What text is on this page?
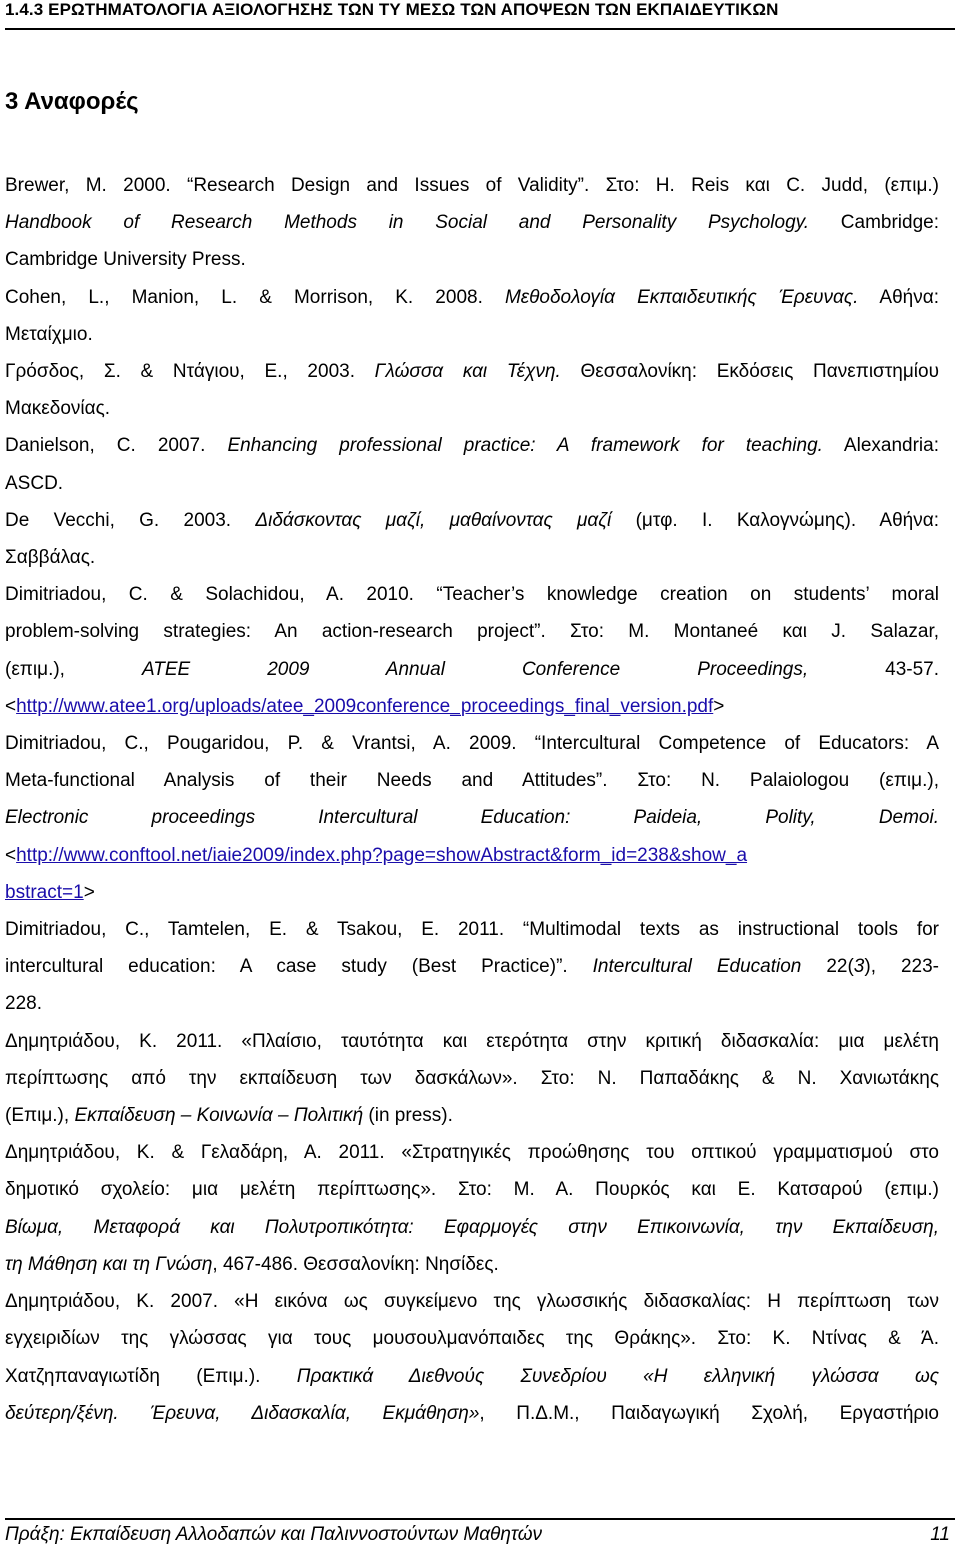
1.4.3 ΕΡΩΤΗΜΑΤΟΛΟΓΙΑ ΑΞΙΟΛΟΓΗΣΗΣ ΤΩΝ ΤΥ ΜΕΣΩ ΤΩΝ ΑΠΟΨΕΩΝ ΤΩΝ ΕΚΠΑΙΔΕΥΤΙΚΩΝ
3 Αναφορές
Brewer, M. 2000. “Research Design and Issues of Validity”. Στο: H. Reis και C. Judd, (επιμ.)
Handbook of Research Methods in Social and Personality Psychology. Cambridge:
Cambridge University Press.
Cohen, L., Manion, L. & Morrison, K. 2008. Μεθοδολογία Εκπαιδευτικής Έρευνας. Αθήνα:
Μεταίχμιο.
Γρόσδος, Σ. & Ντάγιου, Ε., 2003. Γλώσσα και Τέχνη. Θεσσαλονίκη: Εκδόσεις Πανεπιστημίου
Μακεδονίας.
Danielson, C. 2007. Enhancing professional practice: A framework for teaching. Alexandria:
ASCD.
De Vecchi, G. 2003. Διδάσκοντας μαζί, μαθαίνοντας μαζί (μτφ. Ι. Καλογνώμης). Αθήνα:
Σαββάλας.
Dimitriadou, C. & Solachidou, A. 2010. “Teacher’s knowledge creation on students’ moral
problem-solving strategies: An action-research project”. Στο: M. Montaneé και J. Salazar,
(επιμ.), ATEE 2009 Annual Conference Proceedings, 43-57.
<http://www.atee1.org/uploads/atee_2009conference_proceedings_final_version.pdf>
Dimitriadou, C., Pougaridou, P. & Vrantsi, A. 2009. “Intercultural Competence of Educators: A
Meta-functional Analysis of their Needs and Attitudes”. Στο: N. Palaiologou (επιμ.),
Electronic proceedings Intercultural Education: Paideia, Polity, Demoi.
<http://www.conftool.net/iaie2009/index.php?page=showAbstract&form_id=238&show_a
bstract=1>
Dimitriadou, C., Tamtelen, E. & Tsakou, E. 2011. “Multimodal texts as instructional tools for
intercultural education: A case study (Best Practice)”. Intercultural Education 22(3), 223-
228.
Δημητριάδου, Κ. 2011. «Πλαίσιο, ταυτότητα και ετερότητα στην κριτική διδασκαλία: μια μελέτη
περίπτωσης από την εκπαίδευση των δασκάλων». Στο: Ν. Παπαδάκης & Ν. Χανιωτάκης
(Επιμ.), Εκπαίδευση – Κοινωνία – Πολιτική (in press).
Δημητριάδου, Κ. & Γελαδάρη, Α. 2011. «Στρατηγικές προώθησης του οπτικού γραμματισμού στο
δημοτικό σχολείο: μια μελέτη περίπτωσης». Στο: Μ. Α. Πουρκός και Ε. Κατσαρού (επιμ.)
Βίωμα, Μεταφορά και Πολυτροπικότητα: Εφαρμογές στην Επικοινωνία, την Εκπαίδευση,
τη Μάθηση και τη Γνώση, 467-486. Θεσσαλονίκη: Νησίδες.
Δημητριάδου, Κ. 2007. «Η εικόνα ως συγκείμενο της γλωσσικής διδασκαλίας: Η περίπτωση των
εγχειριδίων της γλώσσας για τους μουσουλμανόπαιδες της Θράκης». Στο: Κ. Ντίνας & Ά.
Χατζηπαναγιωτίδη (Επιμ.). Πρακτικά Διεθνούς Συνεδρίου «Η ελληνική γλώσσα ως
δεύτερη/ξένη. Έρευνα, Διδασκαλία, Εκμάθηση», Π.Δ.Μ., Παιδαγωγική Σχολή, Εργαστήριο
Πράξη: Εκπαίδευση Αλλοδαπών και Παλιννοστούντων Μαθητών	11
